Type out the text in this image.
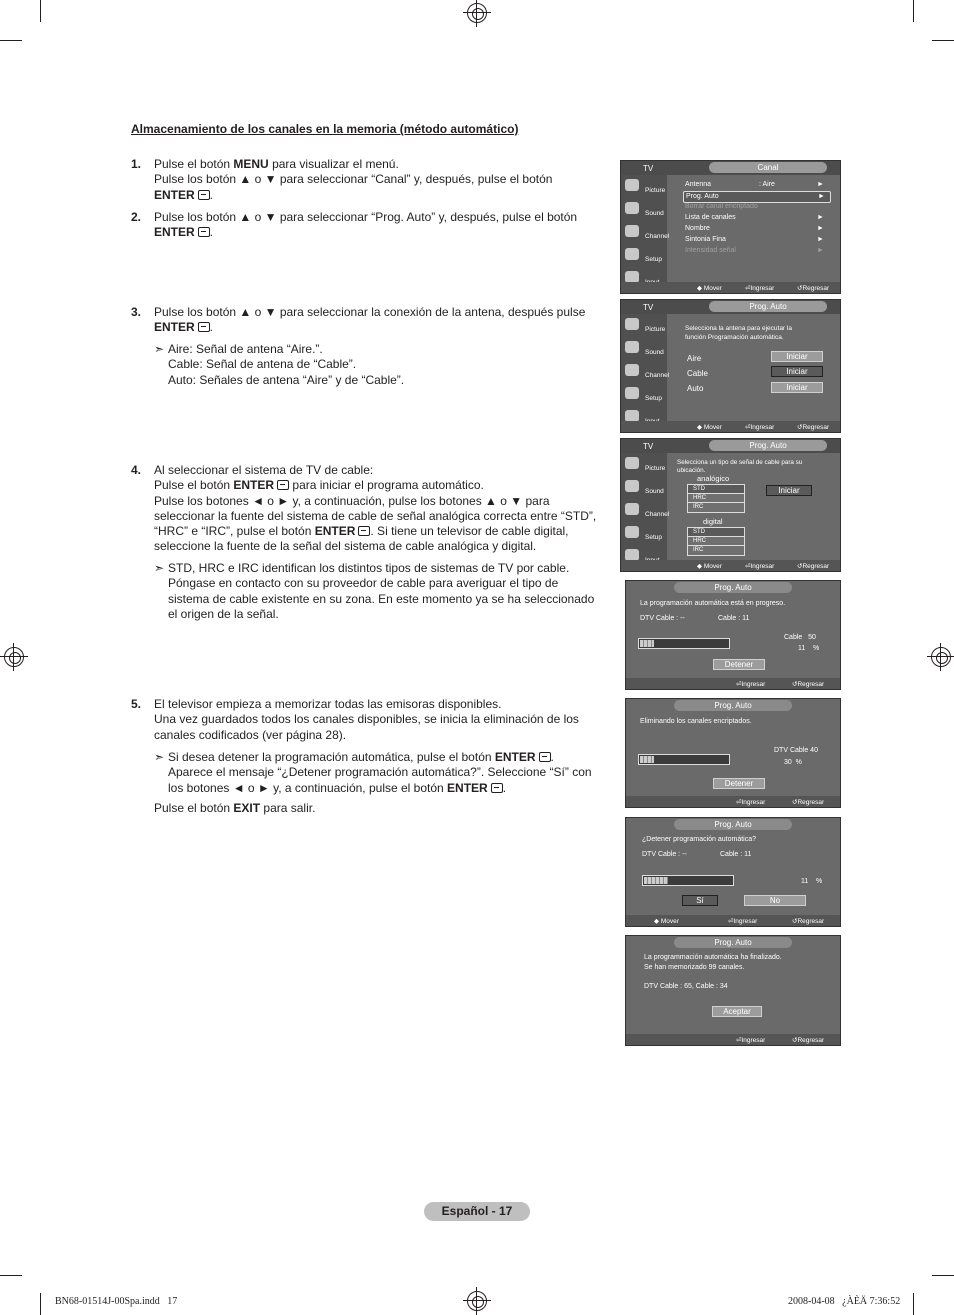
Almacenamiento de los canales en la memoria (método automático)
1. Pulse el botón MENU para visualizar el menú.
Pulse los botón ▲ o ▼ para seleccionar “Canal” y, después, pulse el botón
ENTER .
2. Pulse los botón ▲ o ▼ para seleccionar “Prog. Auto” y, después, pulse el botón
ENTER .
3. Pulse los botón ▲ o ▼ para seleccionar la conexión de la antena, después pulse
ENTER .
➣ Aire: Señal de antena “Aire.”.
Cable: Señal de antena de “Cable”.
Auto: Señales de antena “Aire” y de “Cable”.
4. Al seleccionar el sistema de TV de cable:
Pulse el botón ENTER para iniciar el programa automático.
Pulse los botones ◄ o ► y, a continuación, pulse los botones ▲ o ▼ para
seleccionar la fuente del sistema de cable de señal analógica correcta entre “STD”,
“HRC” e “IRC”, pulse el botón ENTER . Si tiene un televisor de cable digital,
seleccione la fuente de la señal del sistema de cable analógica y digital.
➣ STD, HRC e IRC identifican los distintos tipos de sistemas de TV por cable.
Póngase en contacto con su proveedor de cable para averiguar el tipo de
sistema de cable existente en su zona. En este momento ya se ha seleccionado
el origen de la señal.
5. El televisor empieza a memorizar todas las emisoras disponibles.
Una vez guardados todos los canales disponibles, se inicia la eliminación de los
canales codificados (ver página 28).
➣ Si desea detener la programación automática, pulse el botón ENTER .
Aparece el mensaje “¿Detener programación automática?”. Seleccione “Sí” con
los botones ◄ o ► y, a continuación, pulse el botón ENTER .
Pulse el botón EXIT para salir.
TV	Canal
Picture
Sound
Channel
Setup
Antenna	: Aire	►
Prog. Auto	►
Borrar canal encriptado
Lista de canales	►
Nombre	►
Sintonia Fina	►
Intensidad señal	►
◆ Mover	⏎Ingresar	↺Regresar
TV	Prog. Auto
Picture
Sound
Channel
Setup
Selecciona la antena para ejecutar la
función Programación automática.
Aire	Iniciar
Cable	Iniciar
Auto	Iniciar
◆ Mover	⏎Ingresar	↺Regresar
TV	Prog. Auto
Picture
Sound
Channel
Setup
Selecciona un tipo de señal de cable para su
ubicación.
analógico
STD
HRC
IRC
Iniciar
digital
STD
HRC
IRC
◆ Mover	⏎Ingresar	↺Regresar
Prog. Auto
La programación automática está en progreso.
DTV Cable : --	Cable : 11
Cable   50
11    %
Detener
⏎Ingresar	↺Regresar
Prog. Auto
Eliminando los canales encriptados.
DTV Cable 40
30  %
Detener
⏎Ingresar	↺Regresar
Prog. Auto
¿Detener programación automática?
DTV Cable : --	Cable : 11
11    %
Sí	No
◆ Mover	⏎Ingresar	↺Regresar
Prog. Auto
La programmación automática ha finalizado.
Se han memorizado 99 canales.
DTV Cable : 65, Cable : 34
Aceptar
⏎Ingresar	↺Regresar
Español - 17
BN68-01514J-00Spa.indd   17	2008-04-08   ¿ÀÈÄ 7:36:52
